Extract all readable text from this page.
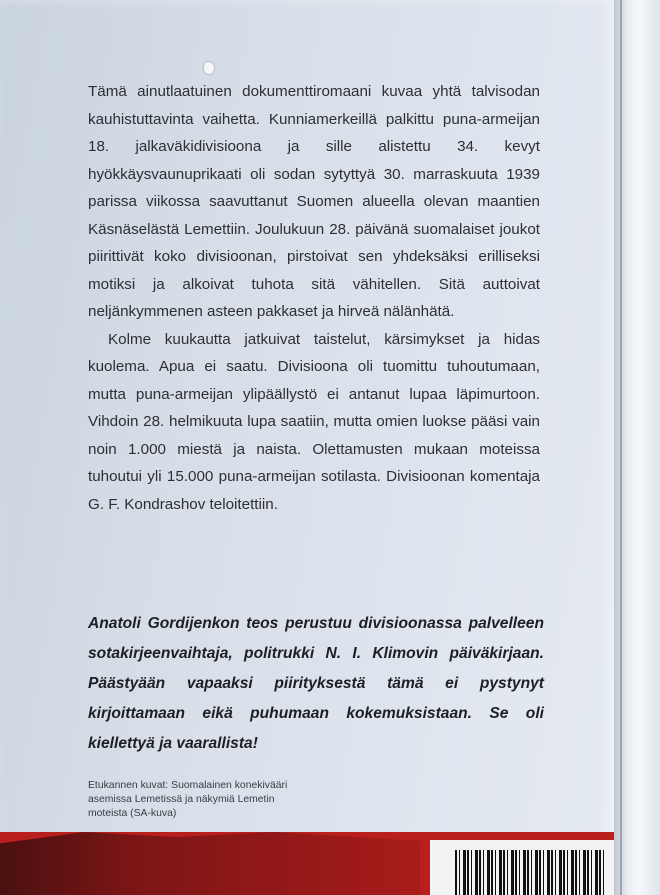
Tämä ainutlaatuinen dokumenttiromaani kuvaa yhtä talvisodan kauhistuttavinta vaihetta. Kunniamerkeillä palkittu puna-armeijan 18. jalkaväkidivisioona ja sille alistettu 34. kevyt hyökkäysvaunuprikaati oli sodan sytyttyä 30. marraskuuta 1939 parissa viikossa saavuttanut Suomen alueella olevan maantien Käsnäselästä Lemettiin. Joulukuun 28. päivänä suomalaiset joukot piirittivät koko divisioonan, pirstoivat sen yhdeksäksi erilliseksi motiksi ja alkoivat tuhota sitä vähitellen. Sitä auttoivat neljänkymmenen asteen pakkaset ja hirveä nälänhätä.

Kolme kuukautta jatkuivat taistelut, kärsimykset ja hidas kuolema. Apua ei saatu. Divisioona oli tuomittu tuhoutumaan, mutta puna-armeijan ylipäällystö ei antanut lupaa läpimurtoon. Vihdoin 28. helmikuuta lupa saatiin, mutta omien luokse pääsi vain noin 1.000 miestä ja naista. Olettamusten mukaan moteissa tuhoutui yli 15.000 puna-armeijan sotilasta. Divisioonan komentaja G. F. Kondrashov teloitettiin.

Anatoli Gordijenkon teos perustuu divisioonassa palvelleen sotakirjeenvaihtaja, politrukki N. I. Klimovin päiväkirjaan. Päästyään vapaaksi piirityksestä tämä ei pystynyt kirjoittamaan eikä puhumaan kokemuksistaan. Se oli kiellettyä ja vaarallista!
Etukannen kuvat: Suomalainen konekivääri asemissa Lemetissä ja näkymiä Lemetin moteista (SA-kuva)
